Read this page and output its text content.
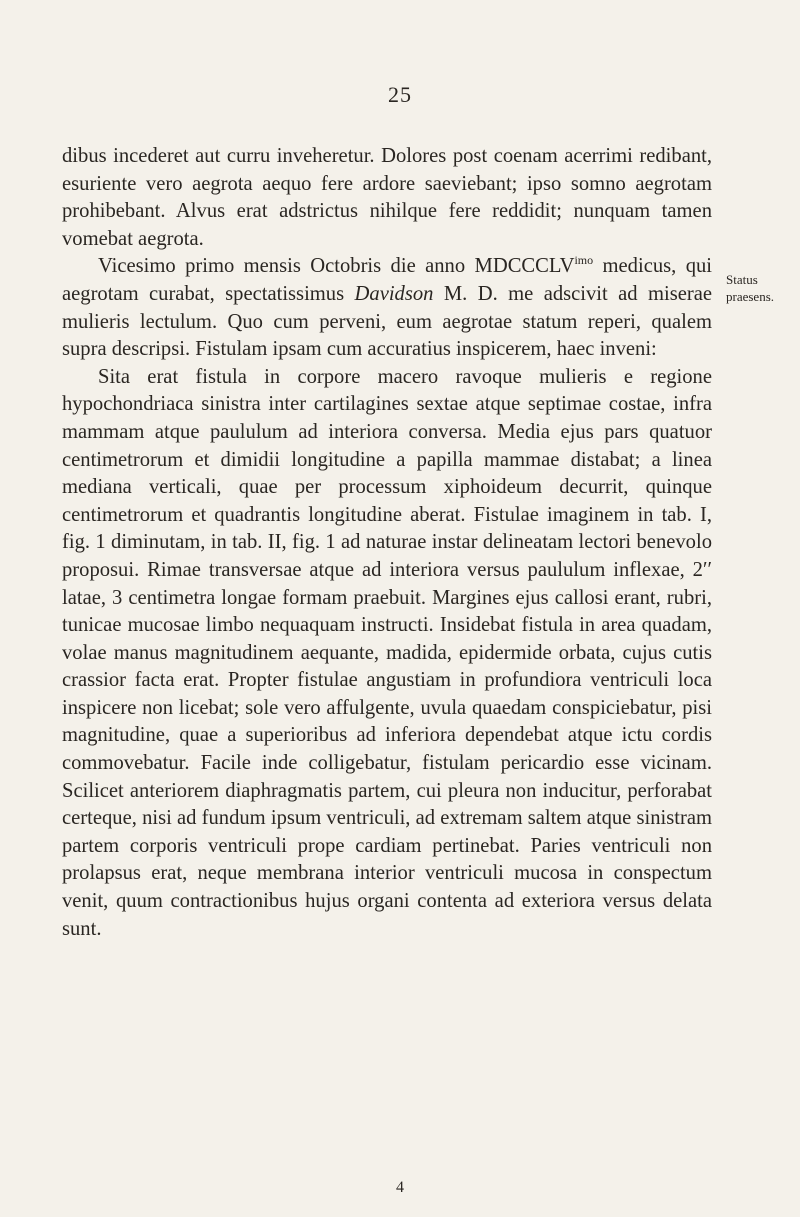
25

dibus incederet aut curru inveheretur. Dolores post coenam acerrimi redibant, esuriente vero aegrota aequo fere ardore saeviebant; ipso somno aegrotam prohibebant. Alvus erat adstrictus nihilque fere reddidit; nunquam tamen vomebat aegrota.

Vicesimo primo mensis Octobris die anno $MDCCCLV^{imo}$ medicus, qui aegrotam curabat, spectatissimus Davidson M. D. me adscivit ad miserae mulieris lectulum. Quo cum perveni, eum aegrotae statum reperi, qualem supra descripsi. Fistulam ipsam cum accuratius inspicerem, haec inveni:

Sita erat fistula in corpore macero ravoque mulieris e regione hypochondriaca sinistra inter cartilagines sextae atque septimae costae, infra mammam atque paululum ad interiora conversa. Media ejus pars quatuor centimetrorum et dimidii longitudine a papilla mammae distabat; a linea mediana verticali, quae per processum xiphoideum decurrit, quinque centimetrorum et quadrantis longitudine aberat. Fistulae imaginem in tab. I, fig. 1 diminutam, in tab. II, fig. 1 ad naturae instar delineatam lectori benevolo proposui. Rimae transversae atque ad interiora versus paululum inflexae, 2′′ latae, 3 centimetra longae formam praebuit. Margines ejus callosi erant, rubri, tunicae mucosae limbo nequaquam instructi. Insidebat fistula in area quadam, volae manus magnitudinem aequante, madida, epidermide orbata, cujus cutis crassior facta erat. Propter fistulae angustiam in profundiora ventriculi loca inspicere non licebat; sole vero affulgente, uvula quaedam conspiciebatur, pisi magnitudine, quae a superioribus ad inferiora dependebat atque ictu cordis commovebatur. Facile inde colligebatur, fistulam pericardio esse vicinam. Scilicet anteriorem diaphragmatis partem, cui pleura non inducitur, perforabat certeque, nisi ad fundum ipsum ventriculi, ad extremam saltem atque sinistram partem corporis ventriculi prope cardiam pertinebat. Paries ventriculi non prolapsus erat, neque membrana interior ventriculi mucosa in conspectum venit, quum contractionibus hujus organi contenta ad exteriora versus delata sunt.

Status
praesens.
4
